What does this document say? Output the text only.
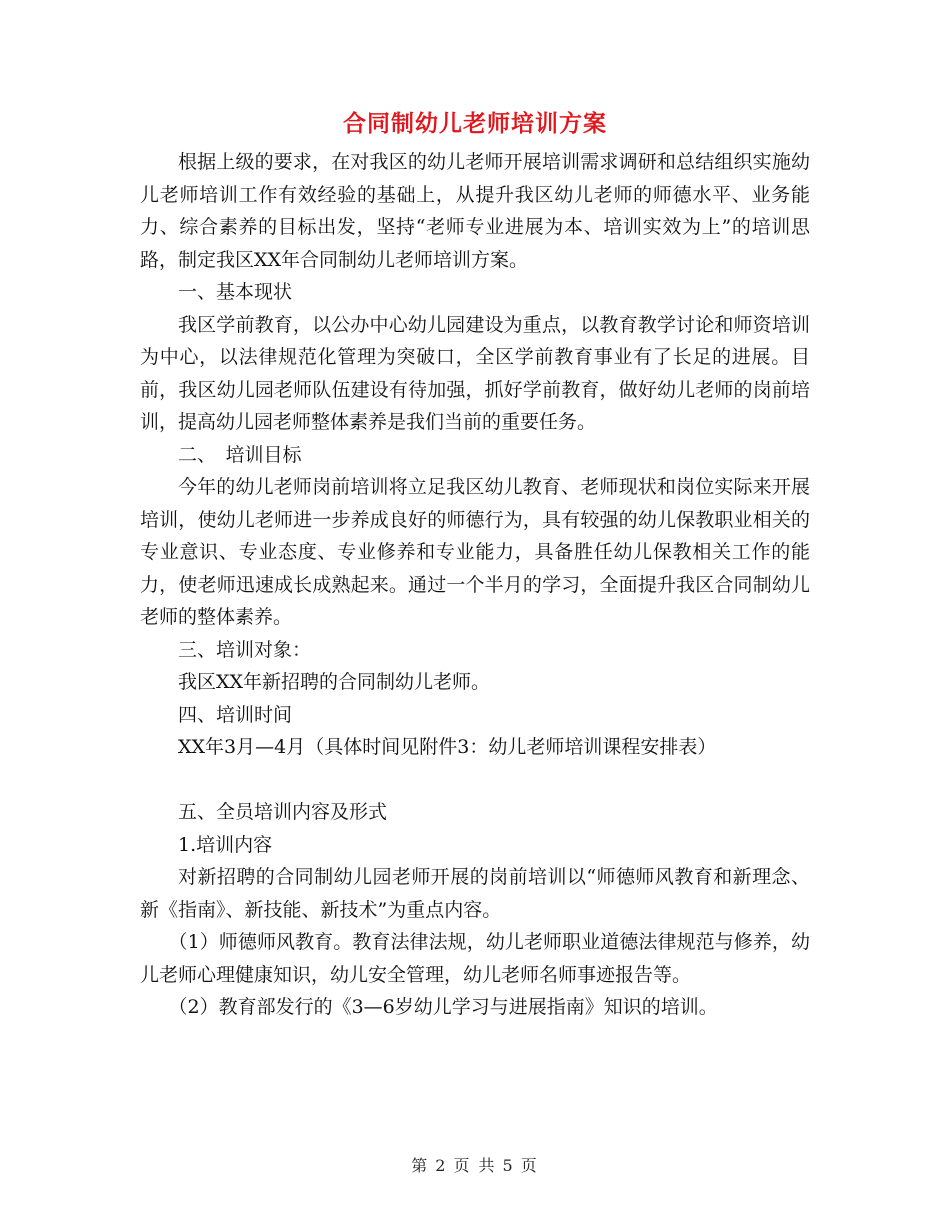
合同制幼儿老师培训方案

根据上级的要求，在对我区的幼儿老师开展培训需求调研和总结组织实施幼儿老师培训工作有效经验的基础上，从提升我区幼儿老师的师德水平、业务能力、综合素养的目标出发，坚持“老师专业进展为本、培训实效为上”的培训思路，制定我区XX年合同制幼儿老师培训方案。

一、基本现状

我区学前教育，以公办中心幼儿园建设为重点，以教育教学讨论和师资培训为中心，以法律规范化管理为突破口，全区学前教育事业有了长足的进展。目前，我区幼儿园老师队伍建设有待加强，抓好学前教育，做好幼儿老师的岗前培训，提高幼儿园老师整体素养是我们当前的重要任务。

二、　培训目标

今年的幼儿老师岗前培训将立足我区幼儿教育、老师现状和岗位实际来开展培训，使幼儿老师进一步养成良好的师德行为，具有较强的幼儿保教职业相关的专业意识、专业态度、专业修养和专业能力，具备胜任幼儿保教相关工作的能力，使老师迅速成长成熟起来。通过一个半月的学习，全面提升我区合同制幼儿老师的整体素养。

三、培训对象：

我区XX年新招聘的合同制幼儿老师。

四、培训时间

XX年3月—4月（具体时间见附件3：幼儿老师培训课程安排表）

五、全员培训内容及形式

1.培训内容

对新招聘的合同制幼儿园老师开展的岗前培训以“师德师风教育和新理念、新《指南》、新技能、新技术”为重点内容。

（1）师德师风教育。教育法律法规，幼儿老师职业道德法律规范与修养，幼儿老师心理健康知识，幼儿安全管理，幼儿老师名师事迹报告等。

（2）教育部发行的《3—6岁幼儿学习与进展指南》知识的培训。

第 2 页 共 5 页
